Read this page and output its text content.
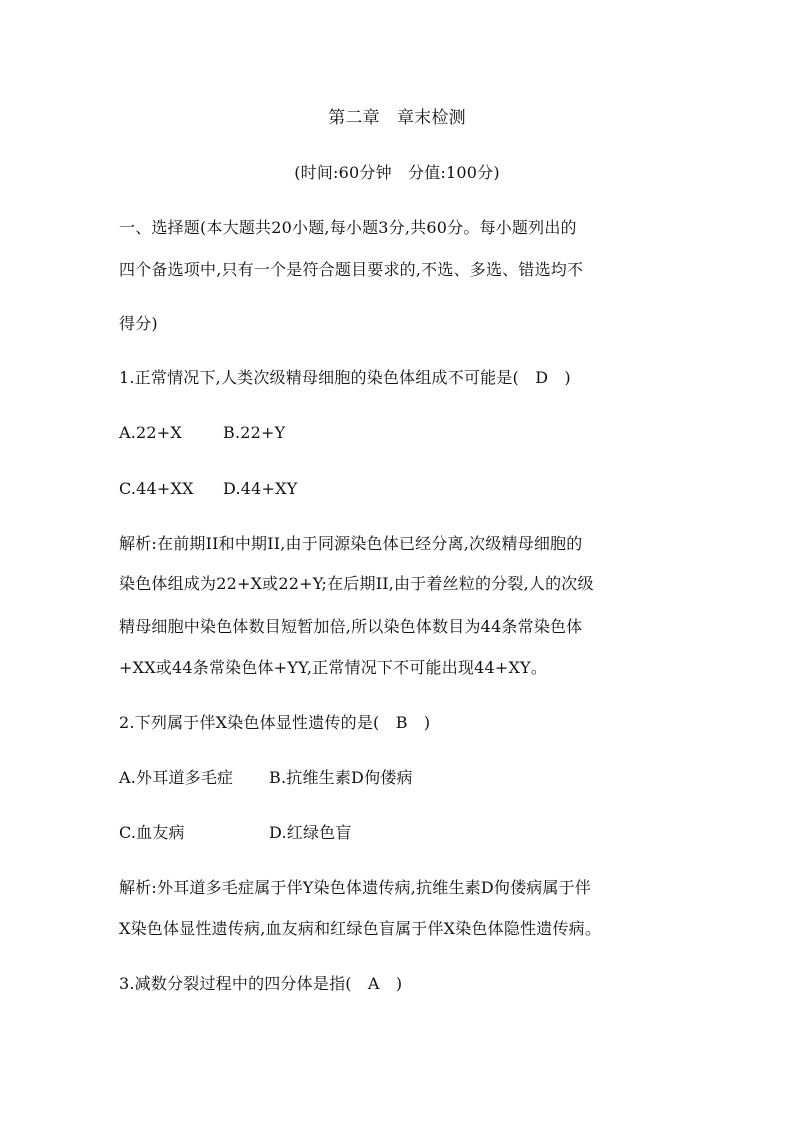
第二章　章末检测
(时间:60分钟　分值:100分)
一、选择题(本大题共20小题,每小题3分,共60分。每小题列出的
四个备选项中,只有一个是符合题目要求的,不选、多选、错选均不
得分)
1.正常情况下,人类次级精母细胞的染色体组成不可能是(　D　)
A.22+X	B.22+Y
C.44+XX D.44+XY
解析:在前期II和中期II,由于同源染色体已经分离,次级精母细胞的
染色体组成为22+X或22+Y;在后期II,由于着丝粒的分裂,人的次级
精母细胞中染色体数目短暂加倍,所以染色体数目为44条常染色体
+XX或44条常染色体+YY,正常情况下不可能出现44+XY。
2.下列属于伴X染色体显性遗传的是(　B　)
A.外耳道多毛症 B.抗维生素D佝偻病
C.血友病	D.红绿色盲
解析:外耳道多毛症属于伴Y染色体遗传病,抗维生素D佝偻病属于伴
X染色体显性遗传病,血友病和红绿色盲属于伴X染色体隐性遗传病。
3.减数分裂过程中的四分体是指(　A　)
